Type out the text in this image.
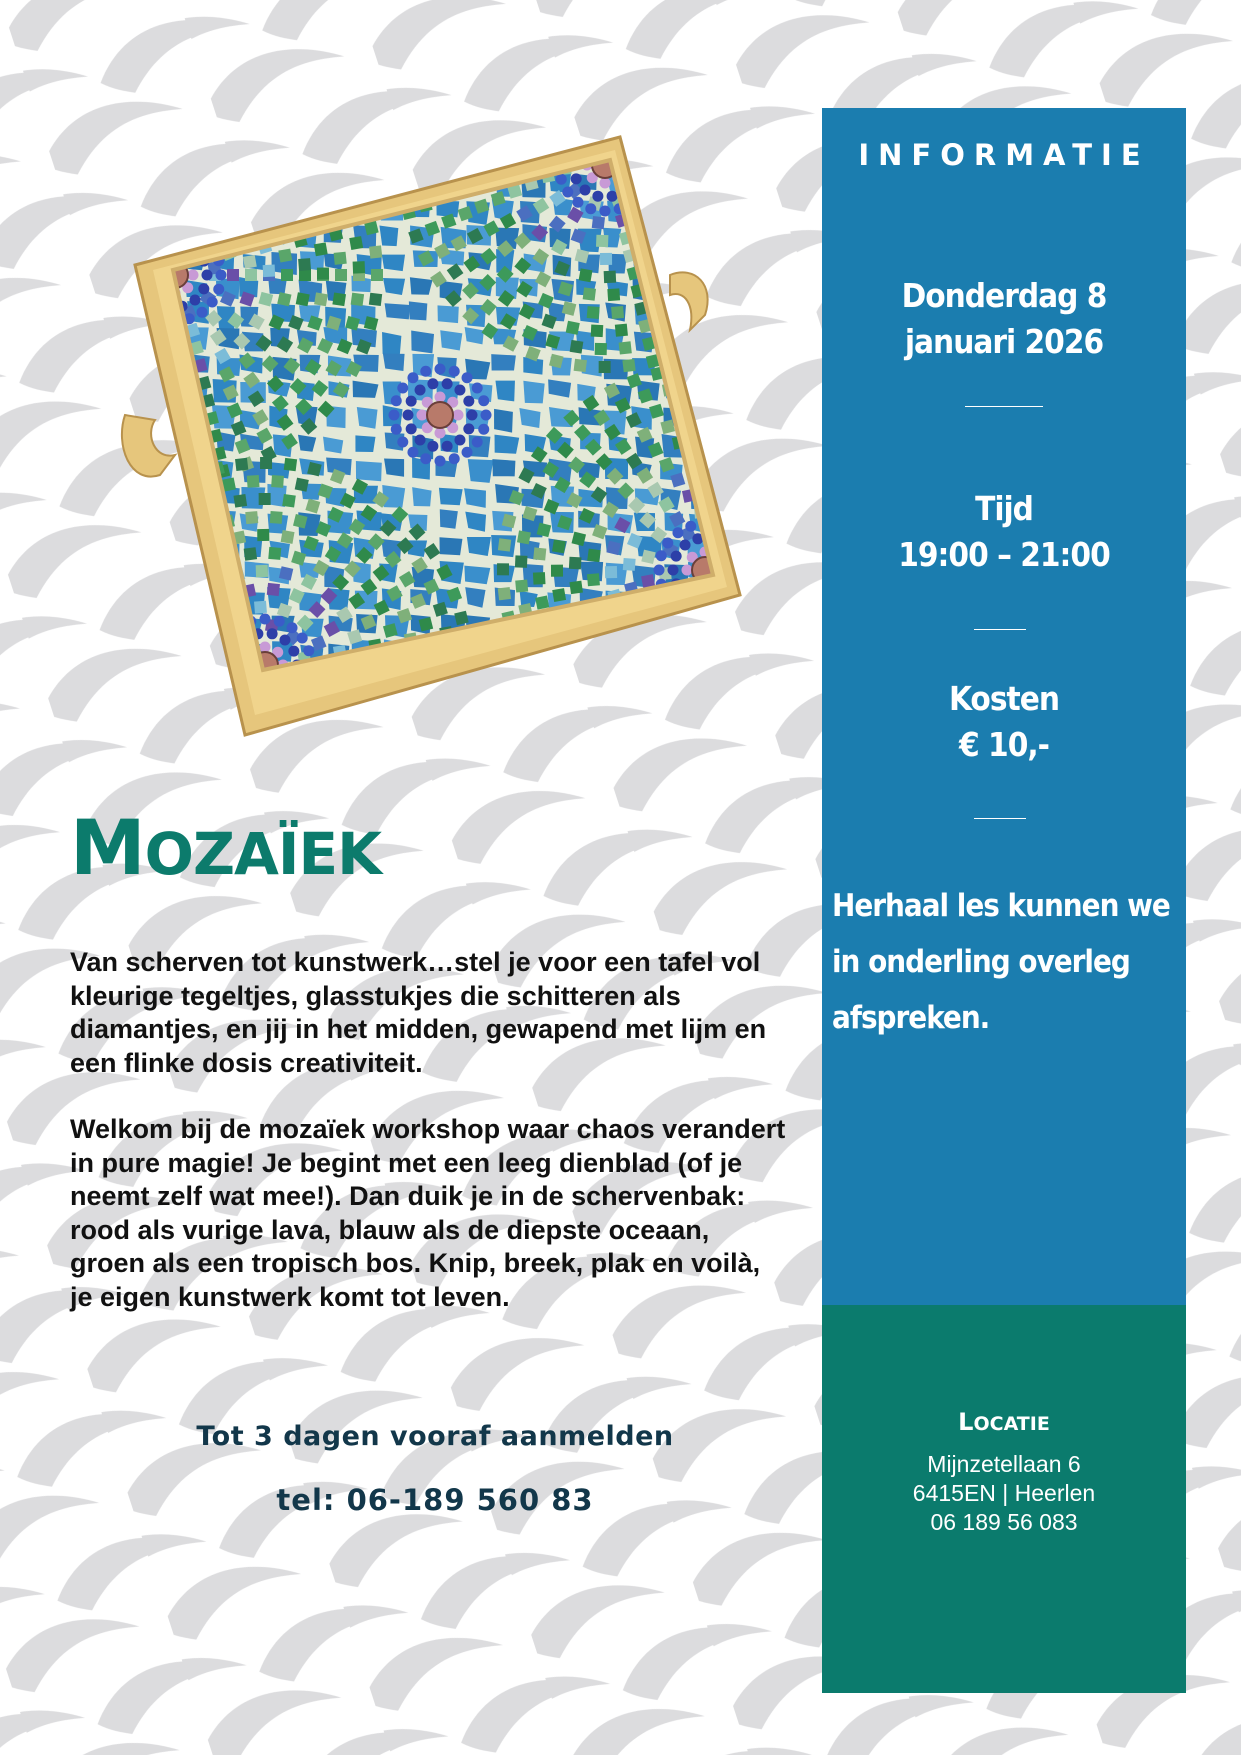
MOZAÏEK

Van scherven tot kunstwerk…stel je voor een tafel vol kleurige tegeltjes, glasstukjes die schitteren als diamantjes, en jij in het midden, gewapend met lijm en een flinke dosis creativiteit.

Welkom bij de mozaïek workshop waar chaos verandert in pure magie! Je begint met een leeg dienblad (of je neemt zelf wat mee!). Dan duik je in de schervenbak: rood als vurige lava, blauw als de diepste oceaan, groen als een tropisch bos. Knip, breek, plak en voilà, je eigen kunstwerk komt tot leven.

Tot 3 dagen vooraf aanmelden
tel: 06-189 560 83
INFORMATIE
Donderdag 8
januari 2026
Tijd
19:00 – 21:00
Kosten
€ 10,-
Herhaal les kunnen we in onderling overleg afspreken.
LOCATIE
Mijnzetellaan 6
6415EN | Heerlen
06 189 56 083
